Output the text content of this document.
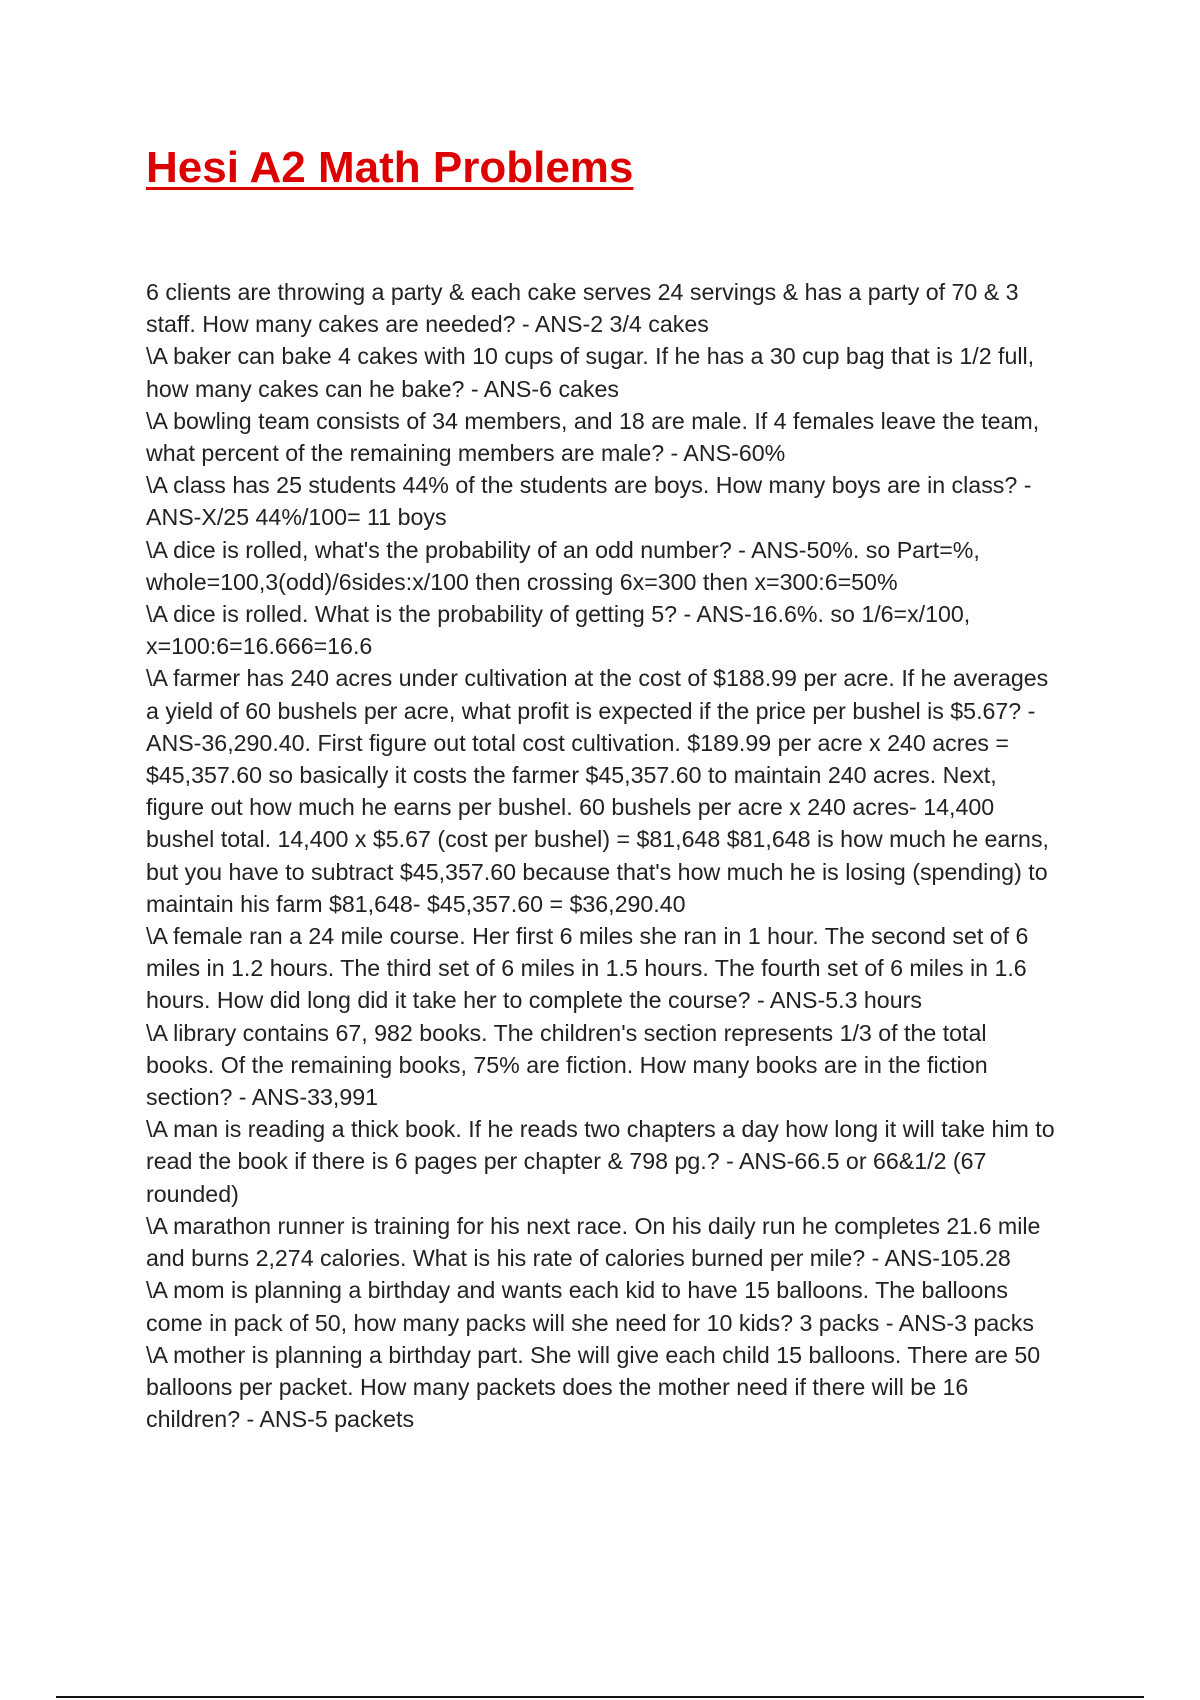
Hesi A2 Math Problems
6 clients are throwing a party & each cake serves 24 servings & has a party of 70 & 3 staff. How many cakes are needed? - ANS-2 3/4 cakes
\A baker can bake 4 cakes with 10 cups of sugar. If he has a 30 cup bag that is 1/2 full, how many cakes can he bake? - ANS-6 cakes
\A bowling team consists of 34 members, and 18 are male. If 4 females leave the team, what percent of the remaining members are male? - ANS-60%
\A class has 25 students 44% of the students are boys. How many boys are in class? - ANS-X/25 44%/100= 11 boys
\A dice is rolled, what's the probability of an odd number? - ANS-50%. so Part=%, whole=100,3(odd)/6sides:x/100 then crossing 6x=300 then x=300:6=50%
\A dice is rolled. What is the probability of getting 5? - ANS-16.6%. so 1/6=x/100, x=100:6=16.666=16.6
\A farmer has 240 acres under cultivation at the cost of $188.99 per acre. If he averages a yield of 60 bushels per acre, what profit is expected if the price per bushel is $5.67? - ANS-36,290.40. First figure out total cost cultivation. $189.99 per acre x 240 acres = $45,357.60 so basically it costs the farmer $45,357.60 to maintain 240 acres. Next, figure out how much he earns per bushel. 60 bushels per acre x 240 acres- 14,400 bushel total. 14,400 x $5.67 (cost per bushel) = $81,648 $81,648 is how much he earns, but you have to subtract $45,357.60 because that's how much he is losing (spending) to maintain his farm $81,648- $45,357.60 = $36,290.40
\A female ran a 24 mile course. Her first 6 miles she ran in 1 hour. The second set of 6 miles in 1.2 hours. The third set of 6 miles in 1.5 hours. The fourth set of 6 miles in 1.6 hours. How did long did it take her to complete the course? - ANS-5.3 hours
\A library contains 67, 982 books. The children's section represents 1/3 of the total books. Of the remaining books, 75% are fiction. How many books are in the fiction section? - ANS-33,991
\A man is reading a thick book. If he reads two chapters a day how long it will take him to read the book if there is 6 pages per chapter & 798 pg.? - ANS-66.5 or 66&1/2 (67 rounded)
\A marathon runner is training for his next race. On his daily run he completes 21.6 mile and burns 2,274 calories. What is his rate of calories burned per mile? - ANS-105.28
\A mom is planning a birthday and wants each kid to have 15 balloons. The balloons come in pack of 50, how many packs will she need for 10 kids? 3 packs - ANS-3 packs
\A mother is planning a birthday part. She will give each child 15 balloons. There are 50 balloons per packet. How many packets does the mother need if there will be 16 children? - ANS-5 packets
